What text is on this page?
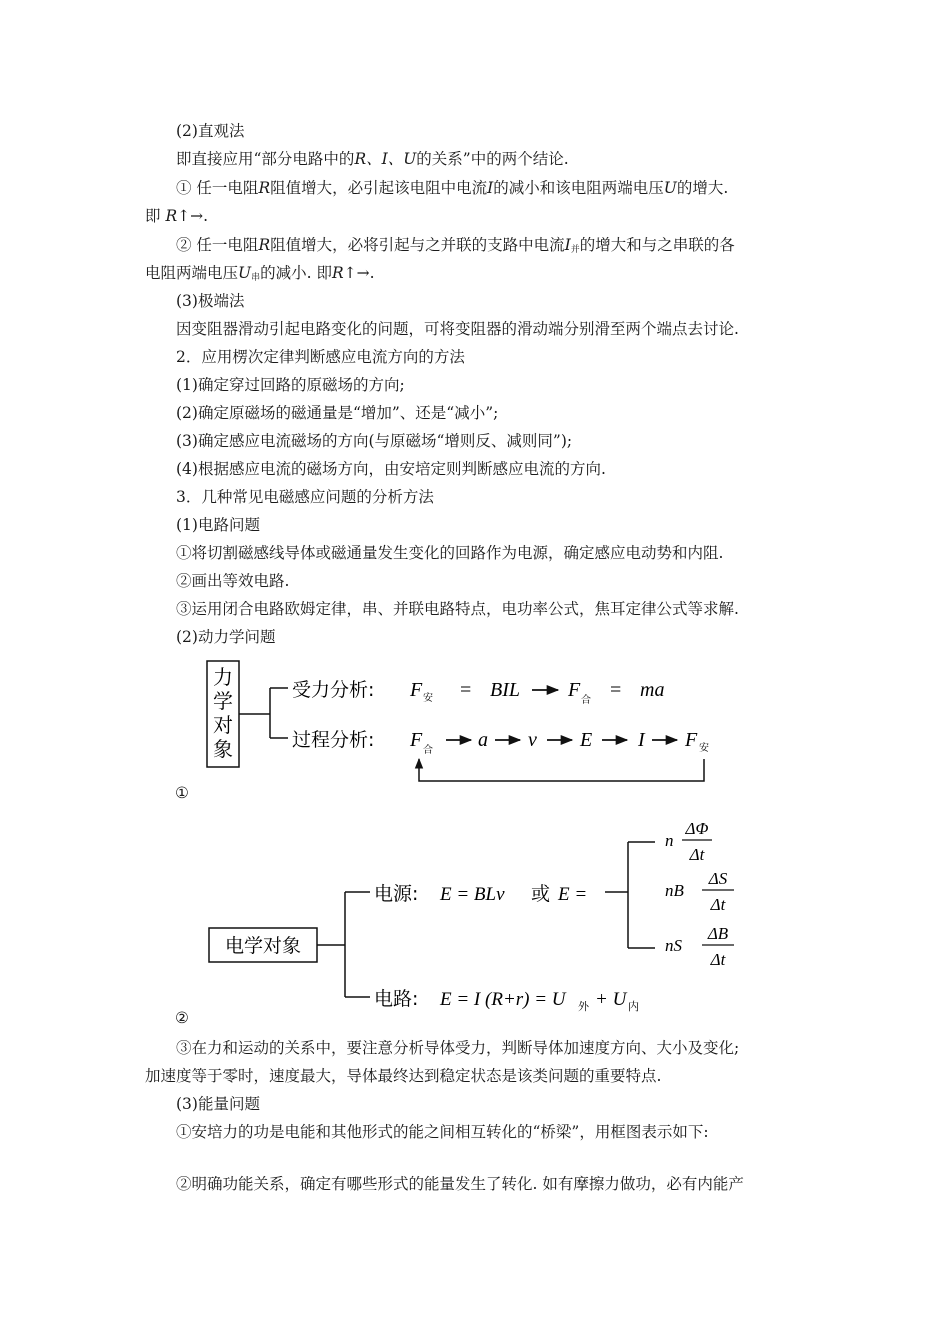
(2)直观法
即直接应用“部分电路中的R、I、U的关系”中的两个结论.
① 任一电阻R阻值增大，必引起该电阻中电流I的减小和该电阻两端电压U的增大.
即 R↑→.
② 任一电阻R阻值增大，必将引起与之并联的支路中电流$I_并$的增大和与之串联的各
电阻两端电压$U_串$的减小. 即R↑→.
(3)极端法
因变阻器滑动引起电路变化的问题，可将变阻器的滑动端分别滑至两个端点去讨论.
2．应用楞次定律判断感应电流方向的方法
(1)确定穿过回路的原磁场的方向;
(2)确定原磁场的磁通量是“增加”、还是“减小”;
(3)确定感应电流磁场的方向(与原磁场“增则反、减则同”);
(4)根据感应电流的磁场方向，由安培定则判断感应电流的方向.
3．几种常见电磁感应问题的分析方法
(1)电路问题
①将切割磁感线导体或磁通量发生变化的回路作为电源，确定感应电动势和内阻.
②画出等效电路.
③运用闭合电路欧姆定律，串、并联电路特点，电功率公式，焦耳定律公式等求解.
(2)动力学问题
力
学
对
象
受力分析: F 安 = BIL F 合 = ma
过程分析: F 合 a v E I F 安
①
电学对象
电源: E = BLv 或 E =
n
ΔΦ
Δt
nB
ΔS
Δt
nS
ΔB
Δt
电路: E = I (R+r) = U 外 + U 内
②
③在力和运动的关系中，要注意分析导体受力，判断导体加速度方向、大小及变化;
加速度等于零时，速度最大，导体最终达到稳定状态是该类问题的重要特点.
(3)能量问题
①安培力的功是电能和其他形式的能之间相互转化的“桥梁”，用框图表示如下:
②明确功能关系，确定有哪些形式的能量发生了转化. 如有摩擦力做功，必有内能产
